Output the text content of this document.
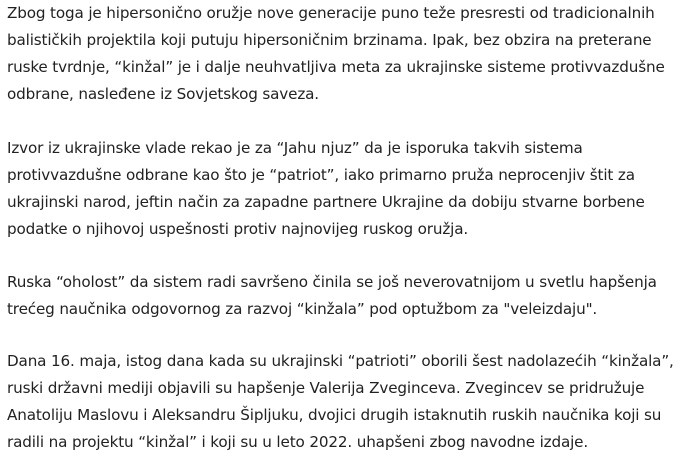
Zbog toga je hipersonično oružje nove generacije puno teže presresti od tradicionalnih
balističkih projektila koji putuju hipersoničnim brzinama. Ipak, bez obzira na preterane
ruske tvrdnje, “kinžal” je i dalje neuhvatljiva meta za ukrajinske sisteme protivvazdušne
odbrane, nasleđene iz Sovjetskog saveza.

Izvor iz ukrajinske vlade rekao je za “Jahu njuz” da je isporuka takvih sistema
protivvazdušne odbrane kao što je “patriot”, iako primarno pruža neprocenjiv štit za
ukrajinski narod, jeftin način za zapadne partnere Ukrajine da dobiju stvarne borbene
podatke o njihovoj uspešnosti protiv najnovijeg ruskog oružja.

Ruska “oholost” da sistem radi savršeno činila se još neverovatnijom u svetlu hapšenja
trećeg naučnika odgovornog za razvoj “kinžala” pod optužbom za "veleizdaju".

Dana 16. maja, istog dana kada su ukrajinski “patrioti” oborili šest nadolazećih “kinžala”,
ruski državni mediji objavili su hapšenje Valerija Zveginceva. Zvegincev se pridružuje
Anatoliju Maslovu i Aleksandru Šipljuku, dvojici drugih istaknutih ruskih naučnika koji su
radili na projektu “kinžal” i koji su u leto 2022. uhapšeni zbog navodne izdaje.
